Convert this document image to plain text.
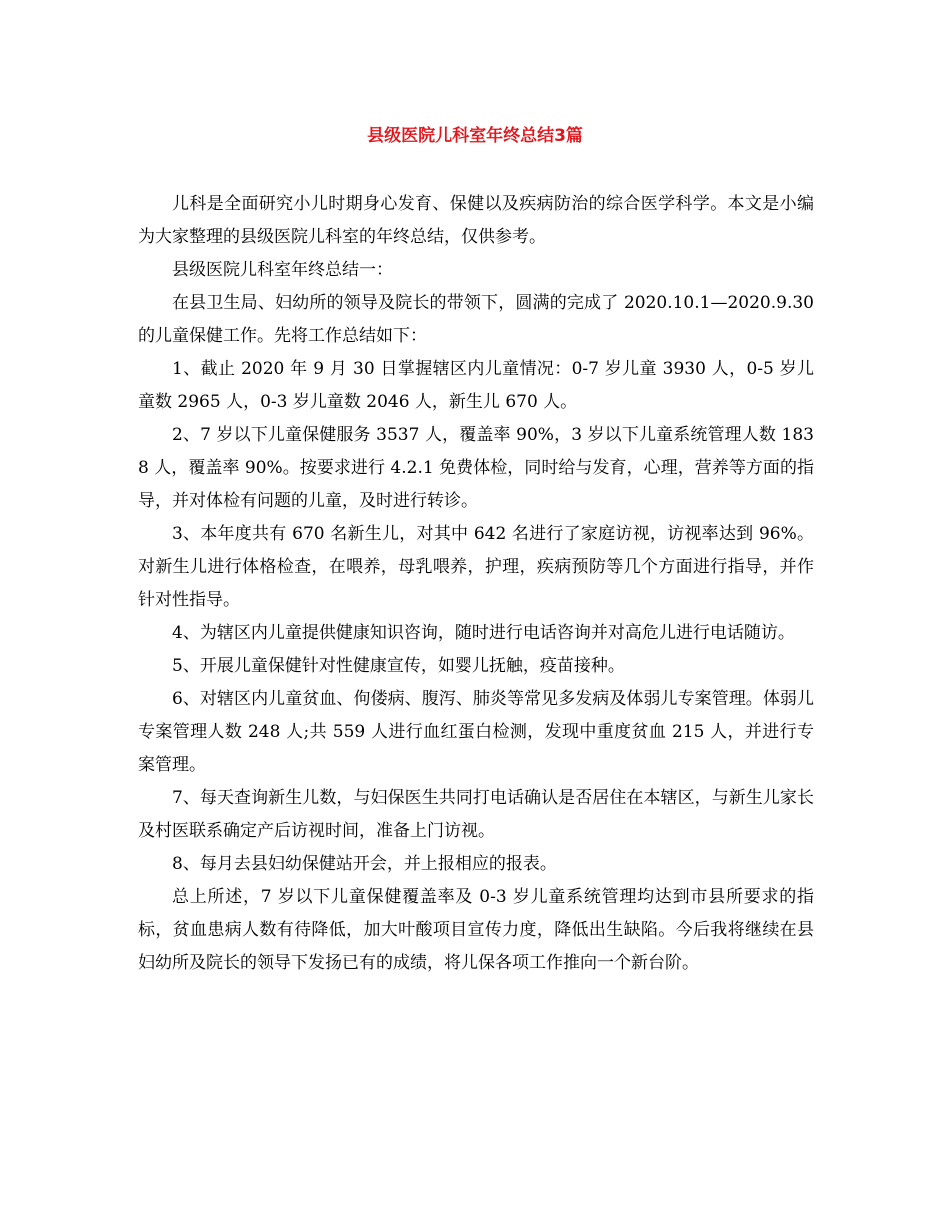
县级医院儿科室年终总结3篇

儿科是全面研究小儿时期身心发育、保健以及疾病防治的综合医学科学。本文是小编为大家整理的县级医院儿科室的年终总结，仅供参考。

县级医院儿科室年终总结一：

在县卫生局、妇幼所的领导及院长的带领下，圆满的完成了 2020.10.1—2020.9.30 的儿童保健工作。先将工作总结如下：

1、截止 2020 年 9 月 30 日掌握辖区内儿童情况：0-7 岁儿童 3930 人，0-5 岁儿童数 2965 人，0-3 岁儿童数 2046 人，新生儿 670 人。

2、7 岁以下儿童保健服务 3537 人，覆盖率 90%，3 岁以下儿童系统管理人数 1838 人，覆盖率 90%。按要求进行 4.2.1 免费体检，同时给与发育，心理，营养等方面的指导，并对体检有问题的儿童，及时进行转诊。

3、本年度共有 670 名新生儿，对其中 642 名进行了家庭访视，访视率达到 96%。对新生儿进行体格检查，在喂养，母乳喂养，护理，疾病预防等几个方面进行指导，并作针对性指导。

4、为辖区内儿童提供健康知识咨询，随时进行电话咨询并对高危儿进行电话随访。

5、开展儿童保健针对性健康宣传，如婴儿抚触，疫苗接种。

6、对辖区内儿童贫血、佝偻病、腹泻、肺炎等常见多发病及体弱儿专案管理。体弱儿专案管理人数 248 人;共 559 人进行血红蛋白检测，发现中重度贫血 215 人，并进行专案管理。

7、每天查询新生儿数，与妇保医生共同打电话确认是否居住在本辖区，与新生儿家长及村医联系确定产后访视时间，准备上门访视。

8、每月去县妇幼保健站开会，并上报相应的报表。

总上所述，7 岁以下儿童保健覆盖率及 0-3 岁儿童系统管理均达到市县所要求的指标，贫血患病人数有待降低，加大叶酸项目宣传力度，降低出生缺陷。今后我将继续在县妇幼所及院长的领导下发扬已有的成绩，将儿保各项工作推向一个新台阶。
